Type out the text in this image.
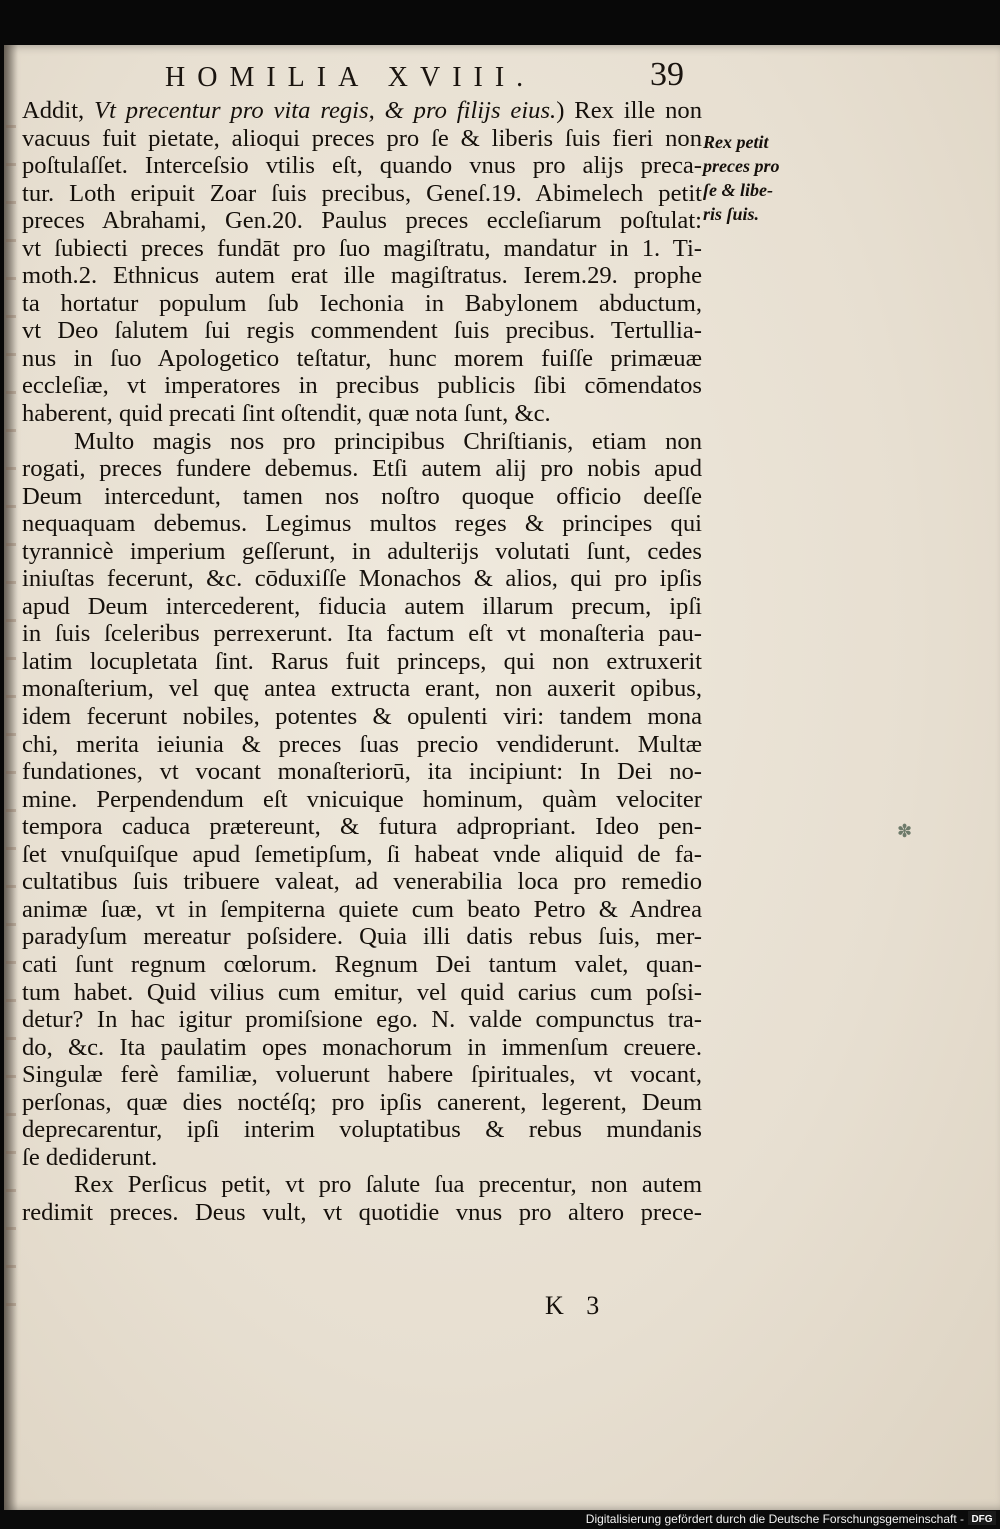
HOMILIA XVIII.	39
Addit, Vt precentur pro vita regis, & pro filijs eius.) Rex ille non
vacuus fuit pietate, alioqui preces pro ſe & liberis ſuis fieri non
poſtulaſſet. Interceſsio vtilis eſt, quando vnus pro alijs preca-
tur. Loth eripuit Zoar ſuis precibus, Geneſ.19. Abimelech petit
preces Abrahami, Gen.20. Paulus preces eccleſiarum poſtulat:
vt ſubiecti preces fundāt pro ſuo magiſtratu, mandatur in 1. Ti-
moth.2. Ethnicus autem erat ille magiſtratus. Ierem.29. prophe
ta hortatur populum ſub Iechonia in Babylonem abductum,
vt Deo ſalutem ſui regis commendent ſuis precibus. Tertullia-
nus in ſuo Apologetico teſtatur, hunc morem fuiſſe primæuæ
eccleſiæ, vt imperatores in precibus publicis ſibi cōmendatos
haberent, quid precati ſint oſtendit, quæ nota ſunt, &c.
Multo magis nos pro principibus Chriſtianis, etiam non
rogati, preces fundere debemus. Etſi autem alij pro nobis apud
Deum intercedunt, tamen nos noſtro quoque officio deeſſe
nequaquam debemus. Legimus multos reges & principes qui
tyrannicè imperium geſſerunt, in adulterijs volutati ſunt, cedes
iniuſtas fecerunt, &c. cōduxiſſe Monachos & alios, qui pro ipſis
apud Deum intercederent, fiducia autem illarum precum, ipſi
in ſuis ſceleribus perrexerunt. Ita factum eſt vt monaſteria pau-
latim locupletata ſint. Rarus fuit princeps, qui non extruxerit
monaſterium, vel quę antea extructa erant, non auxerit opibus,
idem fecerunt nobiles, potentes & opulenti viri: tandem mona
chi, merita ieiunia & preces ſuas precio vendiderunt. Multæ
fundationes, vt vocant monaſteriorū, ita incipiunt: In Dei no-
mine. Perpendendum eſt vnicuique hominum, quàm velociter
tempora caduca prætereunt, & futura adpropriant. Ideo pen-
ſet vnuſquiſque apud ſemetipſum, ſi habeat vnde aliquid de fa-
cultatibus ſuis tribuere valeat, ad venerabilia loca pro remedio
animæ ſuæ, vt in ſempiterna quiete cum beato Petro & Andrea
paradyſum mereatur poſsidere. Quia illi datis rebus ſuis, mer-
cati ſunt regnum cœlorum. Regnum Dei tantum valet, quan-
tum habet. Quid vilius cum emitur, vel quid carius cum poſsi-
detur? In hac igitur promiſsione ego. N. valde compunctus tra-
do, &c. Ita paulatim opes monachorum in immenſum creuere.
Singulæ ferè familiæ, voluerunt habere ſpirituales, vt vocant,
perſonas, quæ dies noctéſq; pro ipſis canerent, legerent, Deum
deprecarentur, ipſi interim voluptatibus & rebus mundanis
ſe dediderunt.
Rex Perſicus petit, vt pro ſalute ſua precentur, non autem
redimit preces. Deus vult, vt quotidie vnus pro altero prece-
Rex petit
preces pro
ſe & libe-
ris ſuis.
K 3
✽
Digitalisierung gefördert durch die Deutsche Forschungsgemeinschaft - DFG
